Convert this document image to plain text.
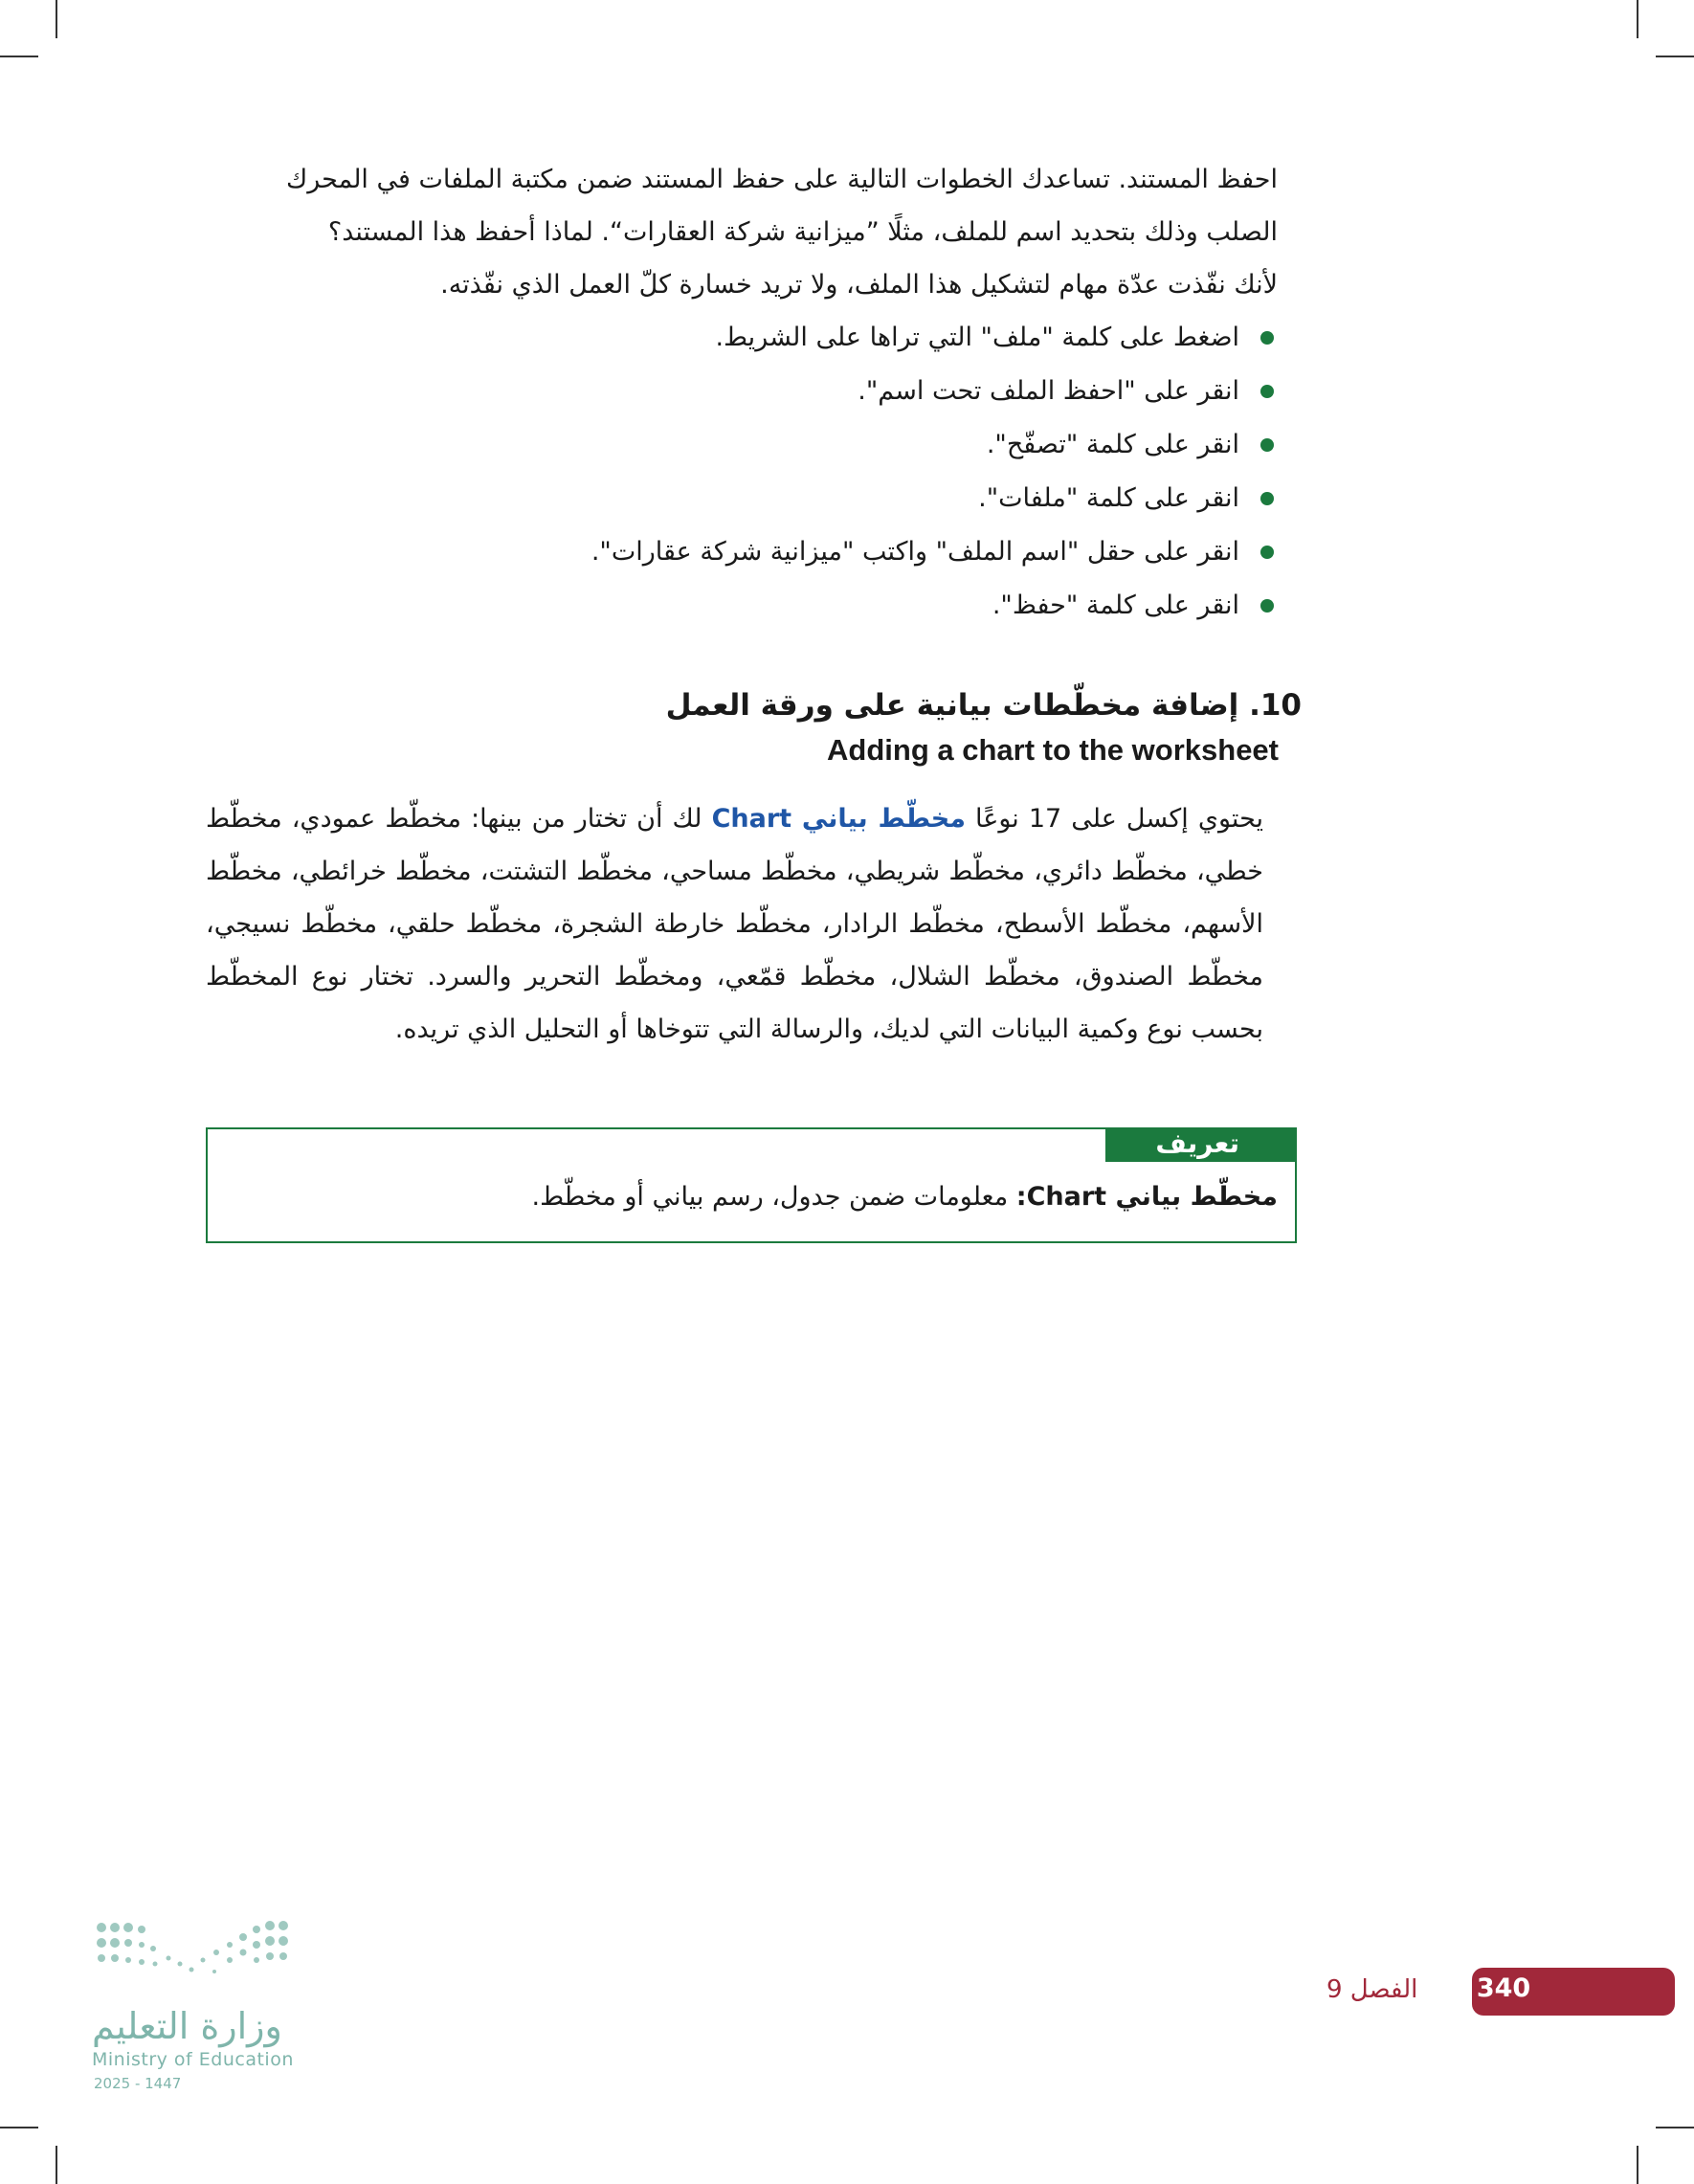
احفظ المستند. تساعدك الخطوات التالية على حفظ المستند ضمن مكتبة الملفات في المحرك

الصلب وذلك بتحديد اسم للملف، مثلًا ”ميزانية شركة العقارات“. لماذا أحفظ هذا المستند؟

لأنك نفّذت عدّة مهام لتشكيل هذا الملف، ولا تريد خسارة كلّ العمل الذي نفّذته.

اضغط على كلمة "ملف" التي تراها على الشريط.
انقر على "احفظ الملف تحت اسم".
انقر على كلمة "تصفّح".
انقر على كلمة "ملفات".
انقر على حقل "اسم الملف" واكتب "ميزانية شركة عقارات".
انقر على كلمة "حفظ".

10. إضافة مخطّطات بيانية على ورقة العمل

Adding a chart to the worksheet

يحتوي إكسل على 17 نوعًا مخطّط بياني Chart لك أن تختار من بينها: مخطّط عمودي، مخطّط خطي، مخطّط دائري، مخطّط شريطي، مخطّط مساحي، مخطّط التشتت، مخطّط خرائطي، مخطّط الأسهم، مخطّط الأسطح، مخطّط الرادار، مخطّط خارطة الشجرة، مخطّط حلقي، مخطّط نسيجي، مخطّط الصندوق، مخطّط الشلال، مخطّط قمّعي، ومخطّط التحرير والسرد. تختار نوع المخطّط بحسب نوع وكمية البيانات التي لديك، والرسالة التي تتوخاها أو التحليل الذي تريده.

تعريف
مخطّط بياني Chart: معلومات ضمن جدول، رسم بياني أو مخطّط.
وزارة التعليم
Ministry of Education
2025 - 1447
340
الفصل 9
